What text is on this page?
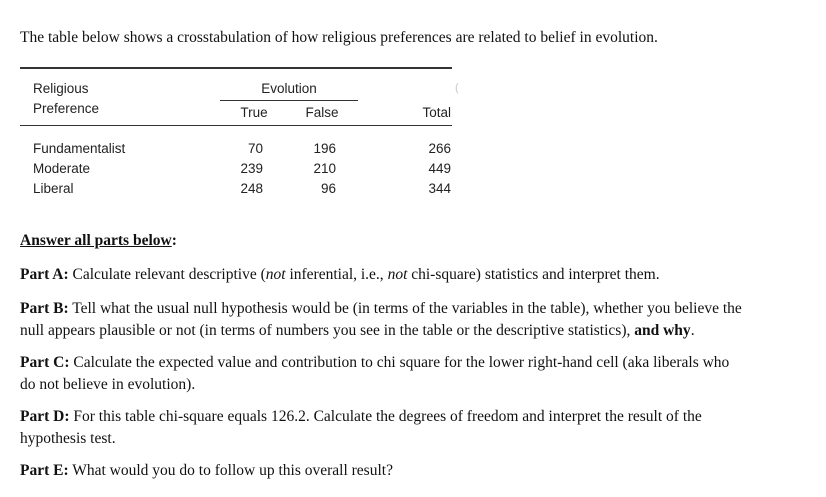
The table below shows a crosstabulation of how religious preferences are related to belief in evolution.
Religious
Preference
Evolution
True	False	Total
Fundamentalist	70	196	266
Moderate	239	210	449
Liberal	248	96	344
(
Answer all parts below:
Part A: Calculate relevant descriptive (not inferential, i.e., not chi-square) statistics and interpret them.
Part B: Tell what the usual null hypothesis would be (in terms of the variables in the table), whether you believe the
null appears plausible or not (in terms of numbers you see in the table or the descriptive statistics), and why.
Part C: Calculate the expected value and contribution to chi square for the lower right-hand cell (aka liberals who
do not believe in evolution).
Part D: For this table chi-square equals 126.2. Calculate the degrees of freedom and interpret the result of the
hypothesis test.
Part E: What would you do to follow up this overall result?
